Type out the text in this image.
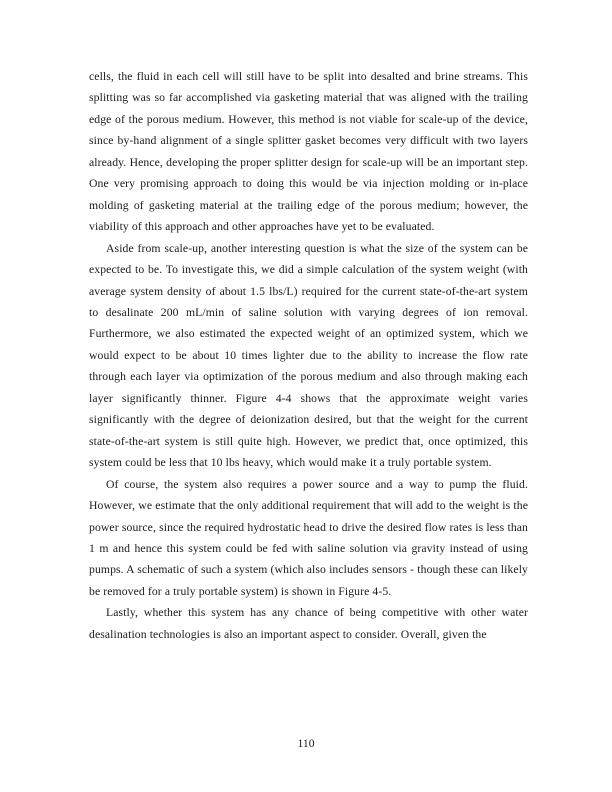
cells, the fluid in each cell will still have to be split into desalted and brine streams. This splitting was so far accomplished via gasketing material that was aligned with the trailing edge of the porous medium. However, this method is not viable for scale-up of the device, since by-hand alignment of a single splitter gasket becomes very difficult with two layers already. Hence, developing the proper splitter design for scale-up will be an important step. One very promising approach to doing this would be via injection molding or in-place molding of gasketing material at the trailing edge of the porous medium; however, the viability of this approach and other approaches have yet to be evaluated.

Aside from scale-up, another interesting question is what the size of the system can be expected to be. To investigate this, we did a simple calculation of the system weight (with average system density of about 1.5 lbs/L) required for the current state-of-the-art system to desalinate 200 mL/min of saline solution with varying degrees of ion removal. Furthermore, we also estimated the expected weight of an optimized system, which we would expect to be about 10 times lighter due to the ability to increase the flow rate through each layer via optimization of the porous medium and also through making each layer significantly thinner. Figure 4-4 shows that the approximate weight varies significantly with the degree of deionization desired, but that the weight for the current state-of-the-art system is still quite high. However, we predict that, once optimized, this system could be less that 10 lbs heavy, which would make it a truly portable system.

Of course, the system also requires a power source and a way to pump the fluid. However, we estimate that the only additional requirement that will add to the weight is the power source, since the required hydrostatic head to drive the desired flow rates is less than 1 m and hence this system could be fed with saline solution via gravity instead of using pumps. A schematic of such a system (which also includes sensors - though these can likely be removed for a truly portable system) is shown in Figure 4-5.

Lastly, whether this system has any chance of being competitive with other water desalination technologies is also an important aspect to consider. Overall, given the

110
